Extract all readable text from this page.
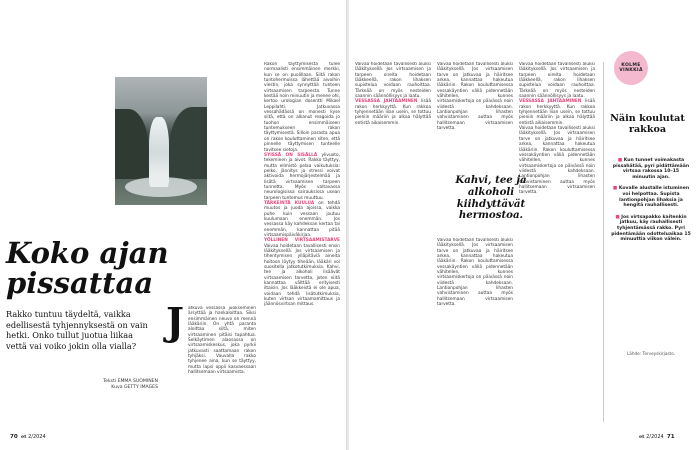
Koko ajan pissattaa

Rakko tuntuu täydeltä, vaikka edellisestä tyhjennyksestä on vain hetki. Onko tullut juotua liikaa vettä vai voiko jokin olla vialla?

Teksti EMMA SUOMINEN
Kuva GETTY IMAGES
J atkuva vessassa juokseminen ärsyttää ja hankaloittaa. Siksi ensimmäinen neuvo on mennä lääkäriin. On yhtä paranta aloittaa siitä, miten virtsaaminen pitäisi tapahtua. Selkäytimen alaosassa on virtsaamiskeskus, joka pyrkii jatkuvasti saattamaan rakon tyhjäksi. Vauvalla rakko tyhjenee aina, kun se täyttyy, mutta lapsi oppii kasvaessaan hallitsemaan virtsaamista.

Rakon täyttymisestä tulee normaalisti ensimmäinen merkki, kun se on puolillaan. Siitä rakon tuntohermoissa lähettää aivoihin viestin, joka synnyttää tunteen virtsaamisen tarpeesta. Tunne kestää noin minuutin ja menee ohi, kertoo urologian dosentti Mikael Leppilahti. Jatkuvassa vessahädässä on monesti kyse siitä, että on alkanut reagoida jo tuohon ensimmäiseen tuntemukseen rakon täyttymisestä. Silloin parasta apua on rakon kouluttaminen siten, että pinnelle täyttymisen tunteelle tavitsee sietoja.

SYISSÄ ON SISÄLLÄ ylivuoto, tekeminen ja aivot. Rakko täyttyy, mutta elimistö pelaa vaikutuksia: pelko, jännitys ja stressi voivat aktivoida hermojärjestelmää ja lisätä virtsaamisen tarpeen tunnetta. Myös valtavassa neurologisissa sairauksissa usean tarpeen tuntemus muuttuu.

TÄRKEINTÄ KUULUA on tehdä muutos ja juoda ajoissa, vaikka puhe kuin vessaan joutuu kuulumaan enemmän. Jos vessassa käy kahdeksan kertaa tai enemmän, kannattaa pitää virtsaamispäiväkirjaa.

YÖLLINEN VIRTSAAMISTARVE Vaivaa hoidetaan tavallisesti ensin lääkityksellä. Jos virtsaamisen ja tihentymisen ylläpitäviä aineita hoitoon löytyy tiheään, lääkäri voi suositella jatkotutkimuksia. Kahvi, tee ja alkoholi lisäävät virtsaamisen tarvetta, joten niitä kannattaa välttää erityisesti iltaisin. Jos lääkkeistä ei ole apua, voidaan tehdä lisätutkimuksia, kuten virtsan virtaamamittaus ja jäännösvirtsan mittaus.

70 et 2/2024

Vaivaa hoidetaan tavallisesti aluksi lääkityksellä. Jos virtsaamisen ja tarpeen oireita hoidetaan lääkkeellä, rakon lihaksen supistelua voidaan rauhoittaa. Tärkeää on myös nesteiden saannin säännöllisyys ja laatu.

VESSASSA JAHTAAMINEN lisää rakon herkkyyttä. Kun rakkoa tyhjennetään liian usein, se tottuu pieniin määriin ja alkaa hälyttää entistä aikaisemmin.

Vaivaa hoidetaan tavallisesti aluksi lääkityksellä. Jos virtsaamisen tarve on jatkuvaa ja häiritsee arkea, kannattaa hakeutua lääkäriin. Rakon kouluttamisessa vessakäyntien väliä pidennetään vähitellen, kunnes virtsaamiskertoja on päivässä noin viidestä kahdeksaan. Lantionpohjan lihasten vahvistaminen auttaa myös hallitsemaan virtsaamisen tarvetta.

Kahvi, tee ja alkoholi kiihdyttävät hermostoa.

Vaivaa hoidetaan tavallisesti aluksi lääkityksellä. Jos virtsaamisen tarve on jatkuvaa ja häiritsee arkea, kannattaa hakeutua lääkäriin. Rakon kouluttamisessa vessakäyntien väliä pidennetään vähitellen, kunnes virtsaamiskertoja on päivässä noin viidestä kahdeksaan. Lantionpohjan lihasten vahvistaminen auttaa myös hallitsemaan virtsaamisen tarvetta.

Vaivaa hoidetaan tavallisesti aluksi lääkityksellä. Jos virtsaamisen ja tarpeen oireita hoidetaan lääkkeellä, rakon lihaksen supistelua voidaan rauhoittaa. Tärkeää on myös nesteiden saannin säännöllisyys ja laatu.

VESSASSA JAHTAAMINEN lisää rakon herkkyyttä. Kun rakkoa tyhjennetään liian usein, se tottuu pieniin määriin ja alkaa hälyttää entistä aikaisemmin.

Vaivaa hoidetaan tavallisesti aluksi lääkityksellä. Jos virtsaamisen tarve on jatkuvaa ja häiritsee arkea, kannattaa hakeutua lääkäriin. Rakon kouluttamisessa vessakäyntien väliä pidennetään vähitellen, kunnes virtsaamiskertoja on päivässä noin viidestä kahdeksaan. Lantionpohjan lihasten vahvistaminen auttaa myös hallitsemaan virtsaamisen tarvetta.

KOLME
VINKKIÄ
Näin koulutat rakkoa
■ Kun tunnet voimakasta pissahätää, pyri pidättämään virtsaa rakossa 10–15 minuutin ajan.
■ Kovalle alustalle istuminen voi helpottaa. Supista lantionpohjan lihaksia ja hengitä rauhallisesti.
■ Jos virtsapakko kaitenkin jatkuu, käy rauhallisesti tyhjentämässä rakko. Pyri pidentämään odotteluaikaa 15 minuuttia viikon välein.
Lähde: Terveyskirjasto.
et 2/2024 71
